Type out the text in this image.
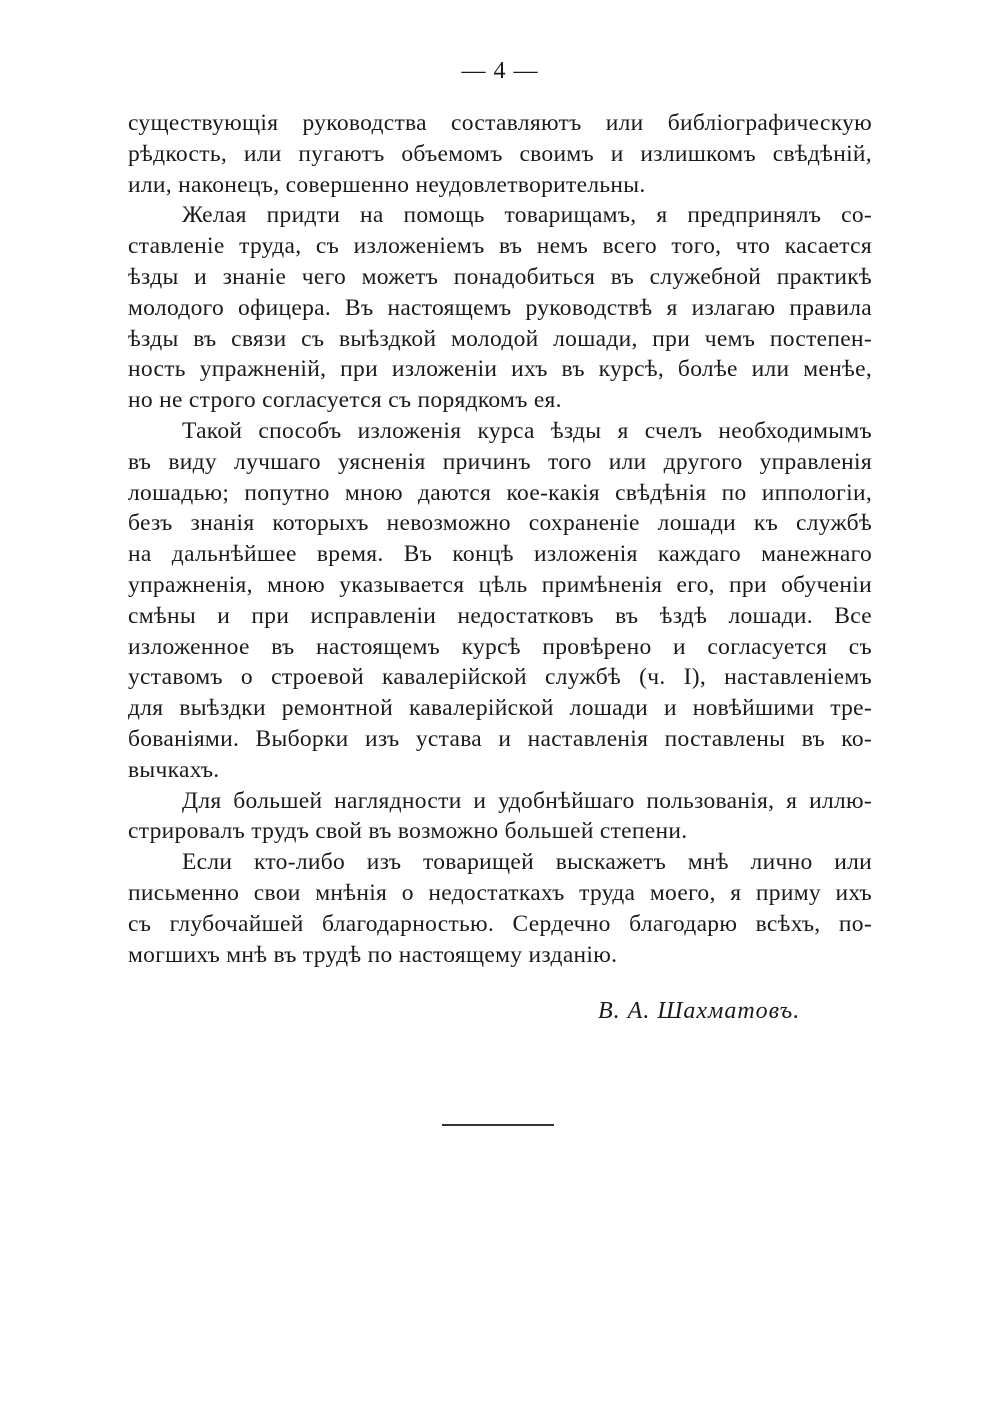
— 4 —
существующія руководства составляютъ или библіографическую
рѣдкость, или пугаютъ объемомъ своимъ и излишкомъ свѣдѣній,
или, наконецъ, совершенно неудовлетворительны.
Желая придти на помощь товарищамъ, я предпринялъ со-
ставленіе труда, съ изложеніемъ въ немъ всего того, что касается
ѣзды и знаніе чего можетъ понадобиться въ служебной практикѣ
молодого офицера. Въ настоящемъ руководствѣ я излагаю правила
ѣзды въ связи съ выѣздкой молодой лошади, при чемъ постепен-
ность упражненій, при изложеніи ихъ въ курсѣ, болѣе или менѣе,
но не строго согласуется съ порядкомъ ея.
Такой способъ изложенія курса ѣзды я счелъ необходимымъ
въ виду лучшаго уясненія причинъ того или другого управленія
лошадью; попутно мною даются кое-какія свѣдѣнія по иппологіи,
безъ знанія которыхъ невозможно сохраненіе лошади къ службѣ
на дальнѣйшее время. Въ концѣ изложенія каждаго манежнаго
упражненія, мною указывается цѣль примѣненія его, при обученіи
смѣны и при исправленіи недостатковъ въ ѣздѣ лошади. Все
изложенное въ настоящемъ курсѣ провѣрено и согласуется съ
уставомъ о строевой кавалерійской службѣ (ч. I), наставленіемъ
для выѣздки ремонтной кавалерійской лошади и новѣйшими тре-
бованіями. Выборки изъ устава и наставленія поставлены въ ко-
вычкахъ.
Для большей наглядности и удобнѣйшаго пользованія, я иллю-
стрировалъ трудъ свой въ возможно большей степени.
Если кто-либо изъ товарищей выскажетъ мнѣ лично или
письменно свои мнѣнія о недостаткахъ труда моего, я приму ихъ
съ глубочайшей благодарностью. Сердечно благодарю всѣхъ, по-
могшихъ мнѣ въ трудѣ по настоящему изданію.
В. А. Шахматовъ.
